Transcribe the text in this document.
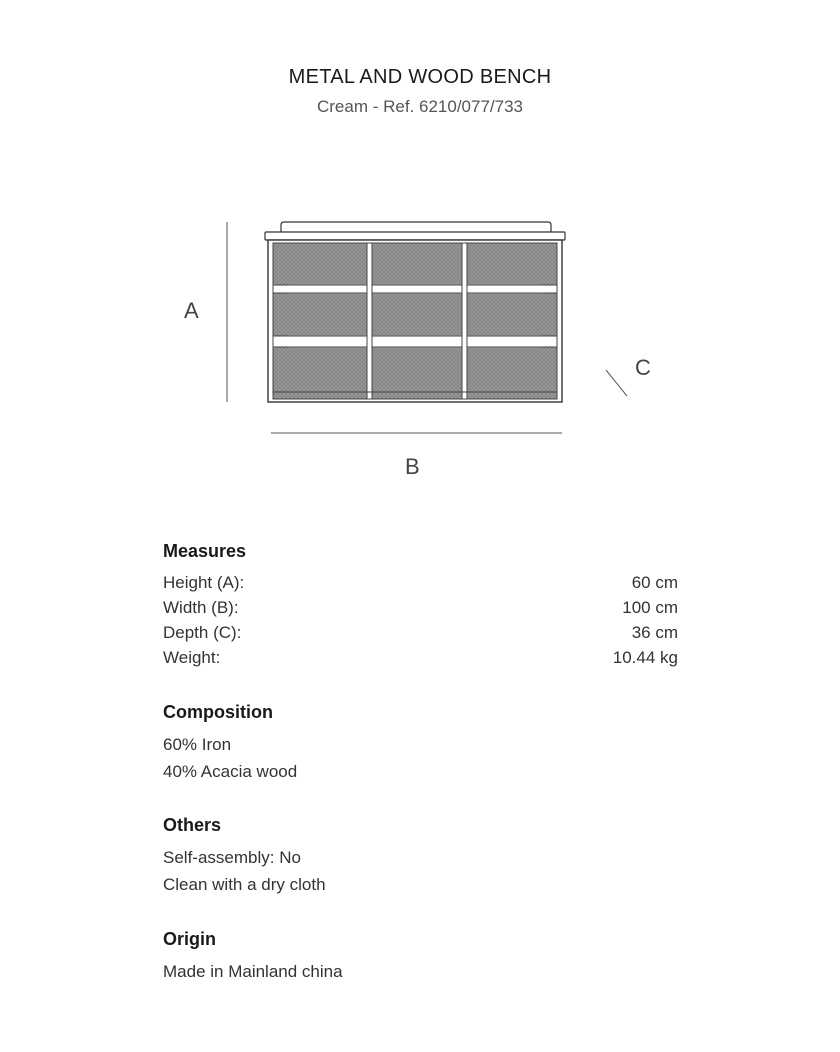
METAL AND WOOD BENCH
Cream - Ref. 6210/077/733
A
B
C
Measures
Height (A):	60 cm
Width (B):	100 cm
Depth (C):	36 cm
Weight:	10.44 kg
Composition
60% Iron
40% Acacia wood
Others
Self-assembly: No
Clean with a dry cloth
Origin
Made in Mainland china
